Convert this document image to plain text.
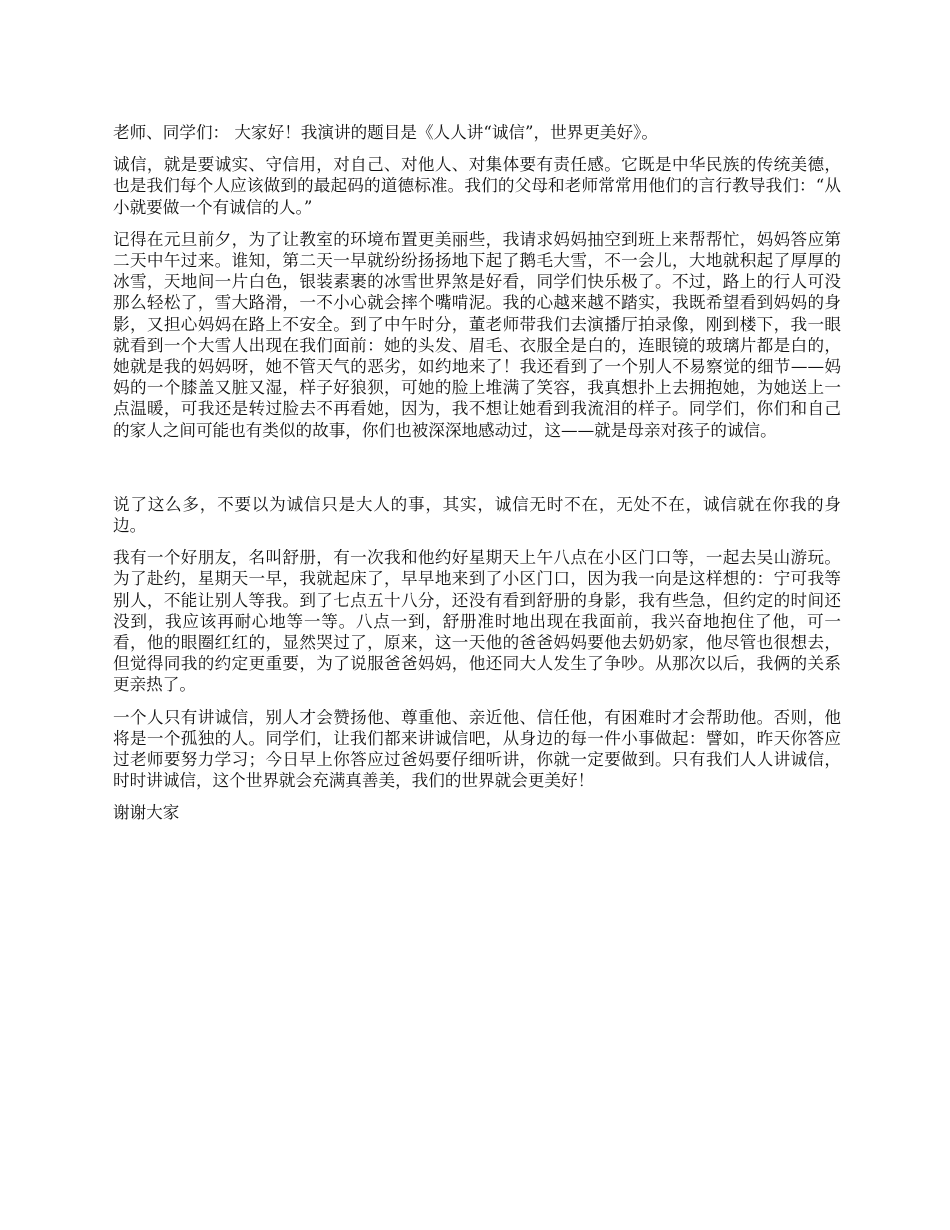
老师、同学们： 大家好！我演讲的题目是《人人讲“诚信”，世界更美好》。

诚信，就是要诚实、守信用，对自己、对他人、对集体要有责任感。它既是中华民族的传统美德，也是我们每个人应该做到的最起码的道德标准。我们的父母和老师常常用他们的言行教导我们：“从小就要做一个有诚信的人。”

记得在元旦前夕，为了让教室的环境布置更美丽些，我请求妈妈抽空到班上来帮帮忙，妈妈答应第二天中午过来。谁知，第二天一早就纷纷扬扬地下起了鹅毛大雪，不一会儿，大地就积起了厚厚的冰雪，天地间一片白色，银装素裹的冰雪世界煞是好看，同学们快乐极了。不过，路上的行人可没那么轻松了，雪大路滑，一不小心就会摔个嘴啃泥。我的心越来越不踏实，我既希望看到妈妈的身影，又担心妈妈在路上不安全。到了中午时分，董老师带我们去演播厅拍录像，刚到楼下，我一眼就看到一个大雪人出现在我们面前：她的头发、眉毛、衣服全是白的，连眼镜的玻璃片都是白的，她就是我的妈妈呀，她不管天气的恶劣，如约地来了！我还看到了一个别人不易察觉的细节——妈妈的一个膝盖又脏又湿，样子好狼狈，可她的脸上堆满了笑容，我真想扑上去拥抱她，为她送上一点温暖，可我还是转过脸去不再看她，因为，我不想让她看到我流泪的样子。同学们，你们和自己的家人之间可能也有类似的故事，你们也被深深地感动过，这——就是母亲对孩子的诚信。

说了这么多，不要以为诚信只是大人的事，其实，诚信无时不在，无处不在，诚信就在你我的身边。

我有一个好朋友，名叫舒册，有一次我和他约好星期天上午八点在小区门口等，一起去吴山游玩。为了赴约，星期天一早，我就起床了，早早地来到了小区门口，因为我一向是这样想的：宁可我等别人，不能让别人等我。到了七点五十八分，还没有看到舒册的身影，我有些急，但约定的时间还没到，我应该再耐心地等一等。八点一到，舒册准时地出现在我面前，我兴奋地抱住了他，可一看，他的眼圈红红的，显然哭过了，原来，这一天他的爸爸妈妈要他去奶奶家，他尽管也很想去，但觉得同我的约定更重要，为了说服爸爸妈妈，他还同大人发生了争吵。从那次以后，我俩的关系更亲热了。

一个人只有讲诚信，别人才会赞扬他、尊重他、亲近他、信任他，有困难时才会帮助他。否则，他将是一个孤独的人。同学们，让我们都来讲诚信吧，从身边的每一件小事做起：譬如，昨天你答应过老师要努力学习；今日早上你答应过爸妈要仔细听讲，你就一定要做到。只有我们人人讲诚信，时时讲诚信，这个世界就会充满真善美，我们的世界就会更美好！

谢谢大家
